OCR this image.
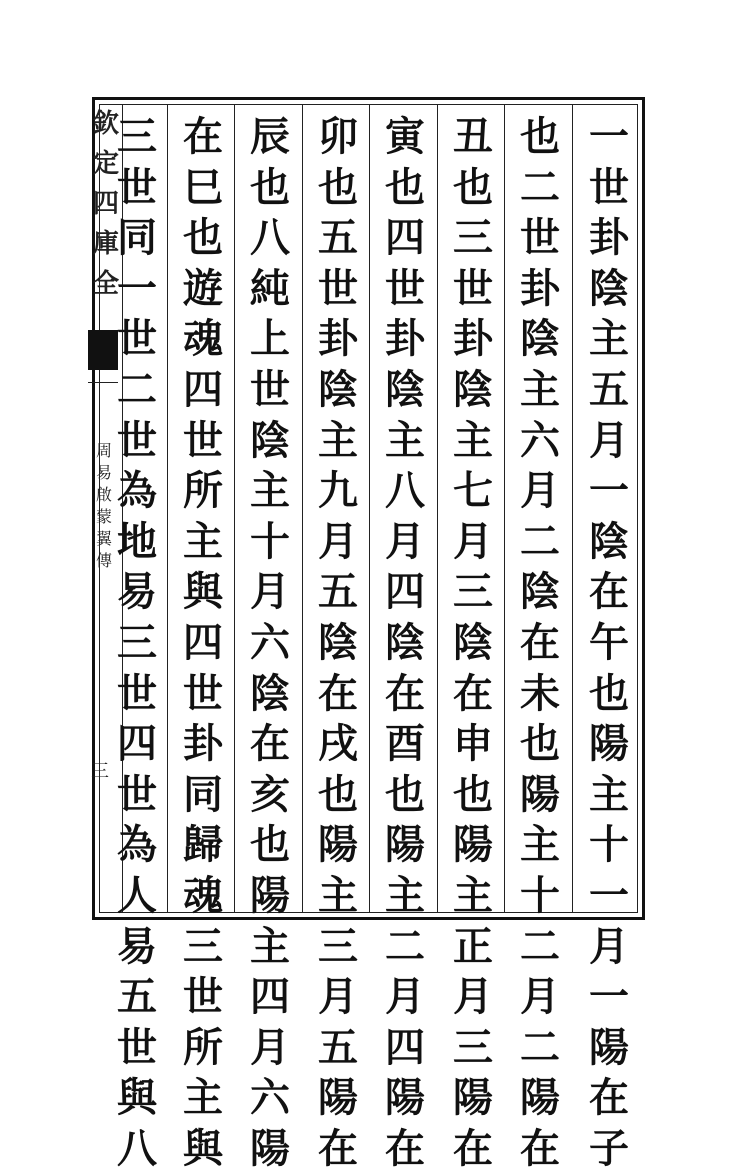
欽
定
四
庫
全
周
易
啟
蒙
翼
傳
三
一
世
卦
陰
主
五
月
一
陰
在
午
也
陽
主
十
一
月
一
陽
在
子
也
二
世
卦
陰
主
六
月
二
陰
在
未
也
陽
主
十
二
月
二
陽
在
丑
也
三
世
卦
陰
主
七
月
三
陰
在
申
也
陽
主
正
月
三
陽
在
寅
也
四
世
卦
陰
主
八
月
四
陰
在
酉
也
陽
主
二
月
四
陽
在
卯
也
五
世
卦
陰
主
九
月
五
陰
在
戌
也
陽
主
三
月
五
陽
在
辰
也
八
純
上
世
陰
主
十
月
六
陰
在
亥
也
陽
主
四
月
六
陽
在
巳
也
遊
魂
四
世
所
主
與
四
世
卦
同
歸
魂
三
世
所
主
與
三
世
同
一
世
二
世
為
地
易
三
世
四
世
為
人
易
五
世
與
八
